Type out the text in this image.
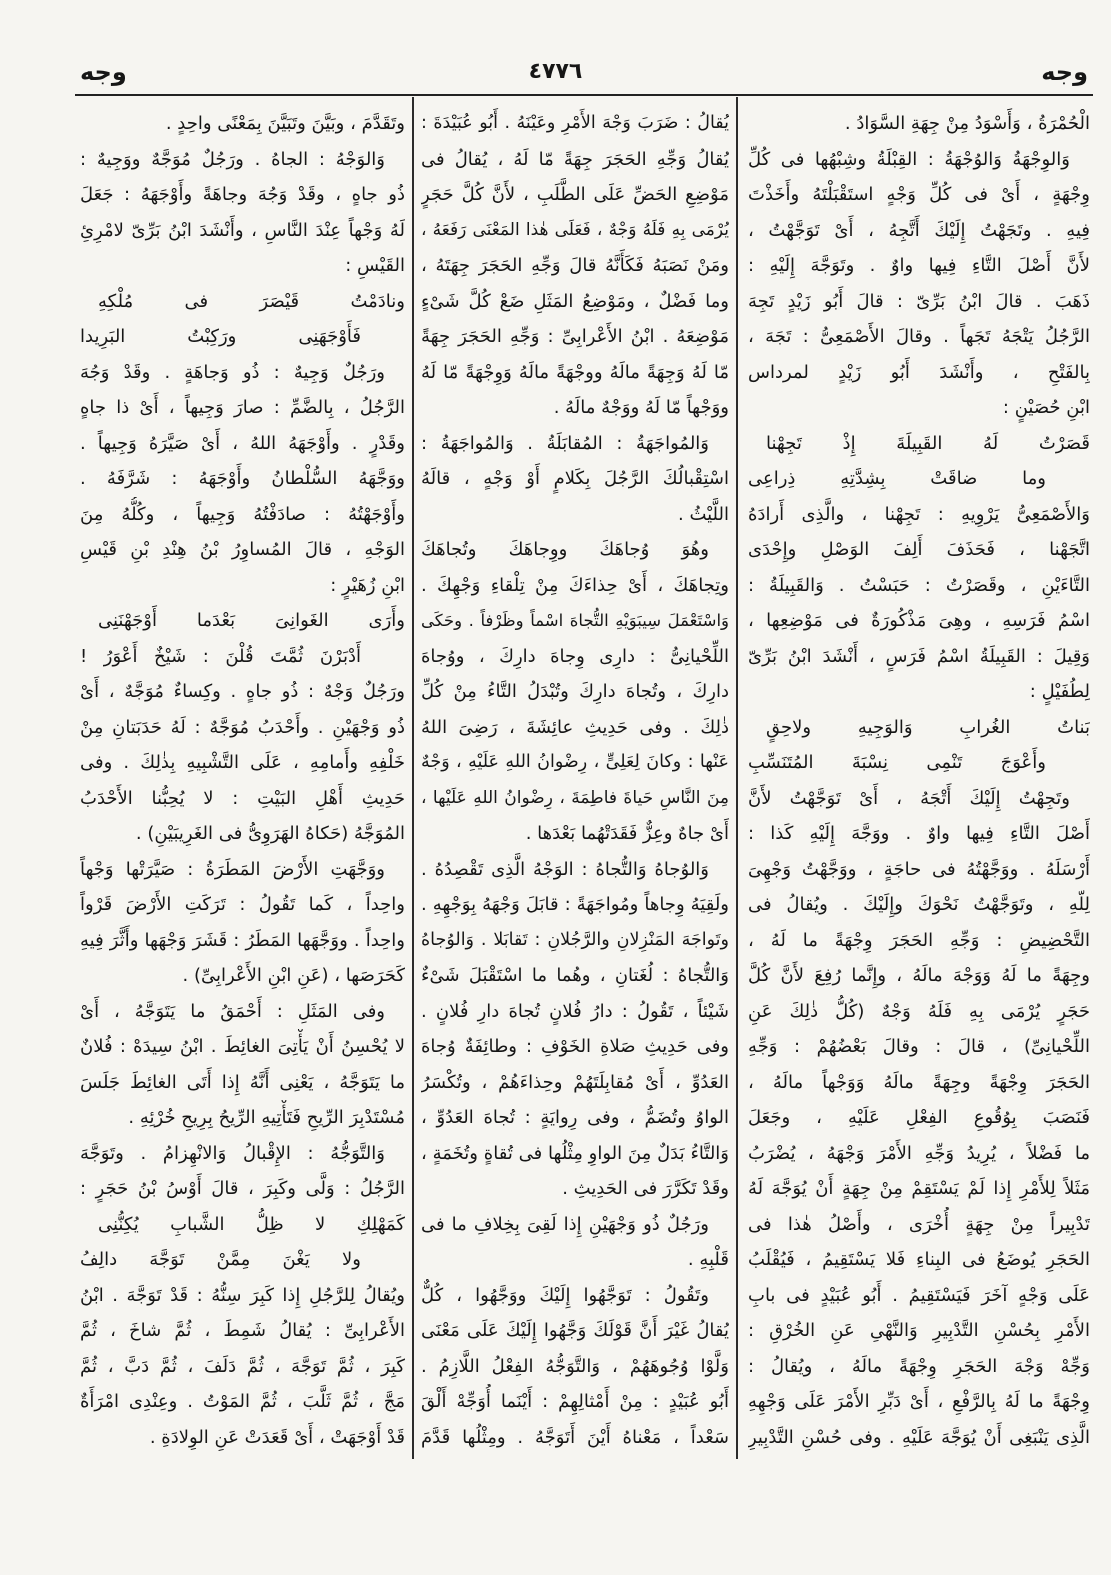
وجه	٤٧٧٦	وجه
الْحُمْرَةُ ، وَأَسْوَدُ مِنْ جِهَةِ السَّوَادُ .
وَالوِجْهَةُ وَالوُجْهَةُ : القِبْلَةُ وشِبْهُها فى كُلِّ
وِجْهَةٍ ، أَىْ فى كُلِّ وَجْهٍ استَقْبَلْتَهُ وأَخَذْتَ
فِيهِ . وتَجَهْتُ إِلَيْكَ أَتَّجِهُ ، أَىْ تَوَجَّهْتُ ،
لأَنَّ أَصْلَ التَّاءِ فِيها واوٌ . وتَوَجَّهَ إِلَيْهِ :
ذَهَبَ . قالَ ابْنُ بَرِّىّ : قالَ أَبُو زَيْدٍ تَجِهَ
الرَّجُلُ يَتْجَهُ تَجَهاً . وقالَ الأَصْمَعِىُّ : تَجَهَ ،
بِالفَتْحِ ، وأَنْشَدَ أَبُو زَيْدٍ لمرداس
ابْنِ حُصَيْنٍ :
قَصَرْتُ لَهُ القَبِيلَةَ إِذْ تَجِهْنا
وما ضاقَتْ بِشِدَّتِهِ ذِراعِى
وَالأَصْمَعِىُّ يَرْوِيهِ : تَجِهْنا ، والَّذِى أَرادَهُ
اتَّجَهْنا ، فَحَذَفَ أَلِفَ الوَصْلِ وإِحْدَى
التَّاءَيْنِ ، وقَصَرْتُ : حَبَسْتُ . وَالقَبِيلَةُ :
اسْمُ فَرَسِهِ ، وهِىَ مَذْكُورَةٌ فى مَوْضِعِها ،
وَقِيلَ : القَبِيلَةُ اسْمُ فَرَسٍ ، أَنْشَدَ ابْنُ بَرِّىّ
لِطُفَيْلٍ :
بَناتُ الغُرابِ وَالوَجِيهِ ولاحِقٍ
وأَعْوَجَ تَنْمِى نِسْبَةَ المُتَنَسِّبِ
وتَجِهْتُ إِلَيْكَ أَتْجَهُ ، أَىْ تَوَجَّهْتُ لأَنَّ
أَصْلَ التَّاءِ فِيها واوٌ . ووَجَّهَ إِلَيْهِ كَذا :
أَرْسَلَهُ . ووَجَّهْتُهُ فى حاجَةٍ ، ووَجَّهْتُ وَجْهِىَ
لِلّهِ ، وتَوَجَّهْتُ نَحْوَكَ وإِلَيْكَ . ويُقالُ فى
التَّحْضِيضِ : وَجِّهِ الحَجَرَ وِجْهَةً ما لَهُ ،
وجِهَةً ما لَهُ وَوَجْهَ مالَهُ ، وإِنَّما رُفِعَ لأَنَّ كُلَّ
حَجَرٍ يُرْمَى بِهِ فَلَهُ وَجْهٌ (كُلُّ ذٰلِكَ عَنِ
اللِّحْيانِىِّ) ، قالَ : وقالَ بَعْضُهُمْ : وَجِّهِ
الحَجَرَ وِجْهَةً وجِهَةً مالَهُ وَوَجْهاً مالَهُ ،
فَنَصَبَ بِوُقُوعِ الفِعْلِ عَلَيْهِ ، وجَعَلَ
ما فَضْلاً ، يُرِيدُ وَجِّهِ الأَمْرَ وَجْهَهُ ، يُضْرَبُ
مَثَلاً لِلأَمْرِ إِذا لَمْ يَسْتَقِمْ مِنْ جِهَةٍ أَنْ يُوَجَّهَ لَهُ
تَدْبِيراً مِنْ جِهَةٍ أُخْرَى ، وأَصْلُ هٰذا فى
الحَجَرِ يُوضَعُ فى البِناءِ فَلا يَسْتَقِيمُ ، فَيُقْلَبُ
عَلَى وَجْهٍ آخَرَ فَيَسْتَقِيمُ . أَبُو عُبَيْدٍ فى بابِ
الأَمْرِ بِحُسْنِ التَّدْبِيرِ وَالنَّهْىِ عَنِ الخُرْقِ :
وَجِّهْ وَجْهَ الحَجَرِ وِجْهَةً مالَهُ ، ويُقالُ :
وِجْهَةً ما لَهُ بِالرَّفْعِ ، أَىْ دَبِّرِ الأَمْرَ عَلَى وَجْهِهِ
الَّذِى يَنْبَغِى أَنْ يُوَجَّهَ عَلَيْهِ . وفى حُسْنِ التَّدْبِيرِ
يُقالُ : ضَرَبَ وَجْهَ الأَمْرِ وعَيْنَهُ . أَبُو عُبَيْدَةَ :
يُقالُ وَجِّهِ الحَجَرَ جِهَةً مّا لَهُ ، يُقالُ فى
مَوْضِعِ الحَضِّ عَلَى الطَّلَبِ ، لأَنَّ كُلَّ حَجَرٍ
يُرْمَى بِهِ فَلَهُ وَجْهٌ ، فَعَلَى هٰذا المَعْنَى رَفَعَهُ ،
ومَنْ نَصَبَهُ فَكَأَنَّهُ قالَ وَجِّهِ الحَجَرَ جِهَتَهُ ،
وما فَضْلٌ ، ومَوْضِعُ المَثَلِ ضَعْ كُلَّ شَىْءٍ
مَوْضِعَهُ . ابْنُ الأَعْرابِىِّ : وَجِّهِ الحَجَرَ جِهَةً
مّا لَهُ وَجِهَةً مالَهُ ووجْهَةً مالَهُ وَوِجْهَةً مّا لَهُ
ووَجْهاً مّا لَهُ ووَجْهٌ مالَهُ .
وَالمُواجَهَةُ : المُقابَلَةُ . وَالمُواجَهَةُ :
اسْتِقْبالُكَ الرَّجُلَ بِكَلامٍ أَوْ وَجْهٍ ، قالَهُ
اللَّيْثُ .
وهُوَ وُجاهَكَ ووِجاهَكَ وتُجاهَكَ
وتِجاهَكَ ، أَىْ حِذاءَكَ مِنْ تِلْقاءِ وَجْهِكَ .
وَاسْتَعْمَلَ سِيبَوَيْهِ التُّجاهَ اسْماً وظَرْفاً . وحَكَى
اللِّحْيانِىُّ : دارِى وِجاهَ دارِكَ ، ووُجاهَ
دارِكَ ، وتُجاهَ دارِكَ وتُبْدَلُ التَّاءُ مِنْ كُلِّ
ذٰلِكَ . وفى حَدِيثِ عائِشَةَ ، رَضِىَ اللهُ
عَنْها : وكانَ لِعَلِىٍّ ، رِضْوانُ اللهِ عَلَيْهِ ، وَجْهٌ
مِنَ النَّاسِ حَياةَ فاطِمَةَ ، رِضْوانُ اللهِ عَلَيْها ،
أَىْ جاهٌ وعِزٌّ فَقَدَتْهُما بَعْدَها .
وَالوُجاهُ وَالتُّجاهُ : الوَجْهُ الَّذِى تَقْصِدُهُ .
ولَقِيَهُ وِجاهاً ومُواجَهَةً : قابَلَ وَجْهَهُ بِوَجْهِهِ .
وتَواجَهَ المَنْزِلانِ والرَّجُلانِ : تَقابَلا . وَالوُجاهُ
وَالتُّجاهُ : لُغَتانِ ، وهُما ما اسْتَقْبَلَ شَىْءٌ
شَيْئاً ، تَقُولُ : دارُ فُلانٍ تُجاهَ دارِ فُلانٍ .
وفى حَدِيثِ صَلاةِ الخَوْفِ : وطائِفَةٌ وُجاهَ
العَدُوِّ ، أَىْ مُقابِلَتَهُمْ وحِذاءَهُمْ ، وتُكْسَرُ
الواوُ وتُضَمُّ ، وفى رِوايَةٍ : تُجاهَ العَدُوِّ ،
وَالتَّاءُ بَدَلٌ مِنَ الواوِ مِثْلُها فى تُقاةٍ وتُخَمَةٍ ،
وقَدْ تَكَرَّرَ فى الحَدِيثِ .
ورَجُلٌ ذُو وَجْهَيْنِ إِذا لَقِىَ بِخِلافِ ما فى
قَلْبِهِ .
وتَقُولُ : تَوَجَّهُوا إِلَيْكَ ووَجَّهُوا ، كُلٌّ
يُقالُ غَيْرَ أَنَّ قَوْلَكَ وَجَّهُوا إِلَيْكَ عَلَى مَعْنَى
وَلَّوْا وُجُوهَهُمْ ، وَالتَّوَجُّهُ الفِعْلُ اللَّازِمُ .
أَبُو عُبَيْدٍ : مِنْ أَمْثالِهِمْ : أَيْنَما أُوَجِّهْ أَلْقَ
سَعْداً ، مَعْناهُ أَيْنَ أَتَوَجَّهُ . ومِثْلُها قَدَّمَ
وتَقَدَّمَ ، وبَيَّنَ وتَبَيَّنَ بِمَعْنًى واحِدٍ .
وَالوَجْهُ : الجاهُ . ورَجُلٌ مُوَجَّهٌ ووَجِيهٌ :
ذُو جاهٍ ، وقَدْ وَجُهَ وجاهَةً وأَوْجَهَهُ : جَعَلَ
لَهُ وَجْهاً عِنْدَ النَّاسِ ، وأَنْشَدَ ابْنُ بَرِّىّ لامْرِئِ
القَيْسِ :
ونادَمْتُ قَيْصَرَ فى مُلْكِهِ
فَأَوْجَهَنِى ورَكِبْتُ البَرِيدا
ورَجُلٌ وَجِيهٌ : ذُو وَجاهَةٍ . وقَدْ وَجُهَ
الرَّجُلُ ، بِالضَّمِّ : صارَ وَجِيهاً ، أَىْ ذا جاهٍ
وقَدْرٍ . وأَوْجَهَهُ اللهُ ، أَىْ صَيَّرَهُ وَجِيهاً .
ووَجَّهَهُ السُّلْطانُ وأَوْجَهَهُ : شَرَّفَهُ .
وأَوْجَهْتُهُ : صادَفْتُهُ وَجِيهاً ، وكُلُّهُ مِنَ
الوَجْهِ ، قالَ المُساوِرُ بْنُ هِنْدِ بْنِ قَيْسِ
ابْنِ زُهَيْرٍ :
وأَرَى الغَوانِىَ بَعْدَما أَوْجَهْنَنِى
أَدْبَرْنَ ثُمَّتَ قُلْنَ : شَيْخٌ أَعْوَرُ !
ورَجُلٌ وَجْهٌ : ذُو جاهٍ . وكِساءٌ مُوَجَّهٌ ، أَىْ
ذُو وَجْهَيْنِ . وأَحْدَبُ مُوَجَّهٌ : لَهُ حَدَبَتانِ مِنْ
خَلْفِهِ وأَمامِهِ ، عَلَى التَّشْبِيهِ بِذٰلِكَ . وفى
حَدِيثِ أَهْلِ البَيْتِ : لا يُحِبُّنا الأَحْدَبُ
المُوَجَّهُ (حَكاهُ الهَرَوِىُّ فى الغَرِيبَيْنِ) .
ووَجَّهَتِ الأَرْضَ المَطَرَةُ : صَيَّرَتْها وَجْهاً
واحِداً ، كَما تَقُولُ : تَرَكَتِ الأَرْضَ قَرْواً
واحِداً . ووَجَّهَها المَطَرُ : قَشَرَ وَجْهَها وأَثَّرَ فِيهِ
كَحَرَصَها ، (عَنِ ابْنِ الأَعْرابِىِّ) .
وفى المَثَلِ : أَحْمَقُ ما يَتَوَجَّهُ ، أَىْ
لا يُحْسِنُ أَنْ يَأْتِىَ الغائِطَ . ابْنُ سِيدَهْ : فُلانٌ
ما يَتَوَجَّهُ ، يَعْنِى أَنَّهُ إِذا أَتَى الغائِطَ جَلَسَ
مُسْتَدْبِرَ الرِّيحِ فَتَأْتِيهِ الرِّيحُ بِرِيحِ خُرْئِهِ .
وَالتَّوَجُّهُ : الإِقْبالُ وَالانْهِزامُ . وتَوَجَّهَ
الرَّجُلُ : وَلَّى وكَبِرَ ، قالَ أَوْسُ بْنُ حَجَرٍ :
كَمَهْلِكِ لا ظِلُّ الشَّبابِ يُكِنُّنِى
ولا يَغْنَ مِمَّنْ تَوَجَّهَ دالِفُ
ويُقالُ لِلرَّجُلِ إِذا كَبِرَ سِنُّهُ : قَدْ تَوَجَّهَ . ابْنُ
الأَعْرابِىِّ : يُقالُ شَمِطَ ، ثُمَّ شاخَ ، ثُمَّ
كَبِرَ ، ثُمَّ تَوَجَّهَ ، ثُمَّ دَلَفَ ، ثُمَّ دَبَّ ، ثُمَّ
مَجَّ ، ثُمَّ ثَلَّبَ ، ثُمَّ المَوْتُ . وعِنْدِى امْرَأَةٌ
قَدْ أَوْجَهَتْ ، أَىْ قَعَدَتْ عَنِ الوِلادَةِ .
